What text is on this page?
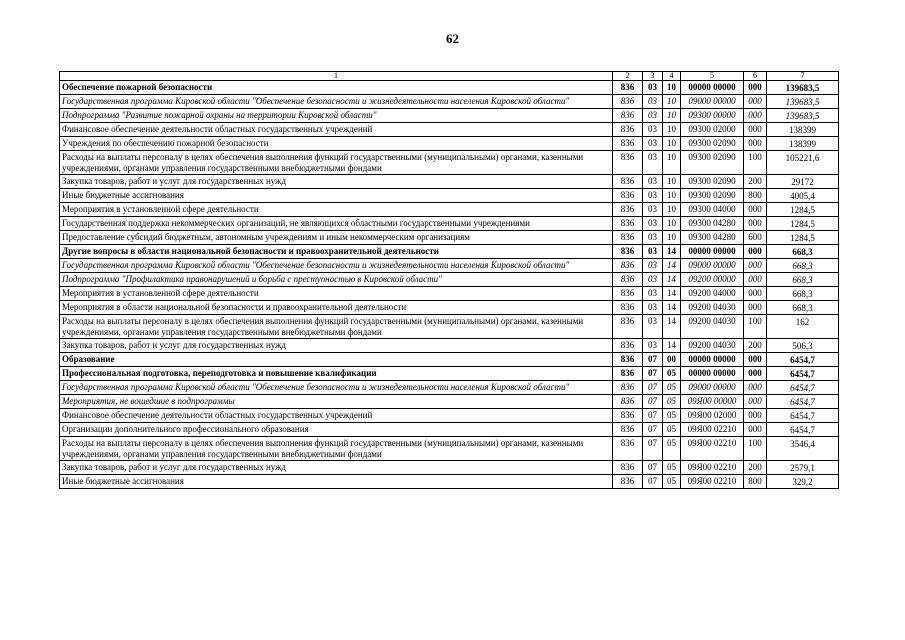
62
1	2	3	4	5	6	7
Обеспечение пожарной безопасности	836	03	10	00000 00000	000	139683,5
Государственная программа Кировской области "Обеспечение безопасности и жизнедеятельности населения Кировской области"	836	03	10	09000 00000	000	139683,5
Подпрограмма "Развитие пожарной охраны на территории Кировской области"	836	03	10	09300 00000	000	139683,5
Финансовое обеспечение деятельности областных государственных учреждений	836	03	10	09300 02000	000	138399
Учреждения по обеспечению пожарной безопасности	836	03	10	09300 02090	000	138399
Расходы на выплаты персоналу в целях обеспечения выполнения функций государственными (муниципальными) органами, казенными учреждениями, органами управления государственными внебюджетными фондами	836	03	10	09300 02090	100	105221,6
Закупка товаров, работ и услуг для государственных нужд	836	03	10	09300 02090	200	29172
Иные бюджетные ассигнования	836	03	10	09300 02090	800	4005,4
Мероприятия в установленной сфере деятельности	836	03	10	09300 04000	000	1284,5
Государственная поддержка некоммерческих организаций, не являющихся областными государственными учреждениями	836	03	10	09300 04280	000	1284,5
Предоставление субсидий бюджетным, автономным учреждениям и иным некоммерческим организациям	836	03	10	09300 04280	600	1284,5
Другие вопросы в области национальной безопасности и правоохранительной деятельности	836	03	14	00000 00000	000	668,3
Государственная программа Кировской области "Обеспечение безопасности и жизнедеятельности населения Кировской области"	836	03	14	09000 00000	000	668,3
Подпрограмма "Профилактика правонарушений и борьба с преступностью в Кировской области"	836	03	14	09200 00000	000	668,3
Мероприятия в установленной сфере деятельности	836	03	14	09200 04000	000	668,3
Мероприятия в области национальной безопасности и правоохранительной деятельности	836	03	14	09200 04030	000	668,3
Расходы на выплаты персоналу в целях обеспечения выполнения функций государственными (муниципальными) органами, казенными учреждениями, органами управления государственными внебюджетными фондами	836	03	14	09200 04030	100	162
Закупка товаров, работ и услуг для государственных нужд	836	03	14	09200 04030	200	506,3
Образование	836	07	00	00000 00000	000	6454,7
Профессиональная подготовка, переподготовка и повышение квалификации	836	07	05	00000 00000	000	6454,7
Государственная программа Кировской области "Обеспечение безопасности и жизнедеятельности населения Кировской области"	836	07	05	09000 00000	000	6454,7
Мероприятия, не вошедшие в подпрограммы	836	07	05	09Я00 00000	000	6454,7
Финансовое обеспечение деятельности областных государственных учреждений	836	07	05	09Я00 02000	000	6454,7
Организации дополнительного профессионального образования	836	07	05	09Я00 02210	000	6454,7
Расходы на выплаты персоналу в целях обеспечения выполнения функций государственными (муниципальными) органами, казенными учреждениями, органами управления государственными внебюджетными фондами	836	07	05	09Я00 02210	100	3546,4
Закупка товаров, работ и услуг для государственных нужд	836	07	05	09Я00 02210	200	2579,1
Иные бюджетные ассигнования	836	07	05	09Я00 02210	800	329,2
